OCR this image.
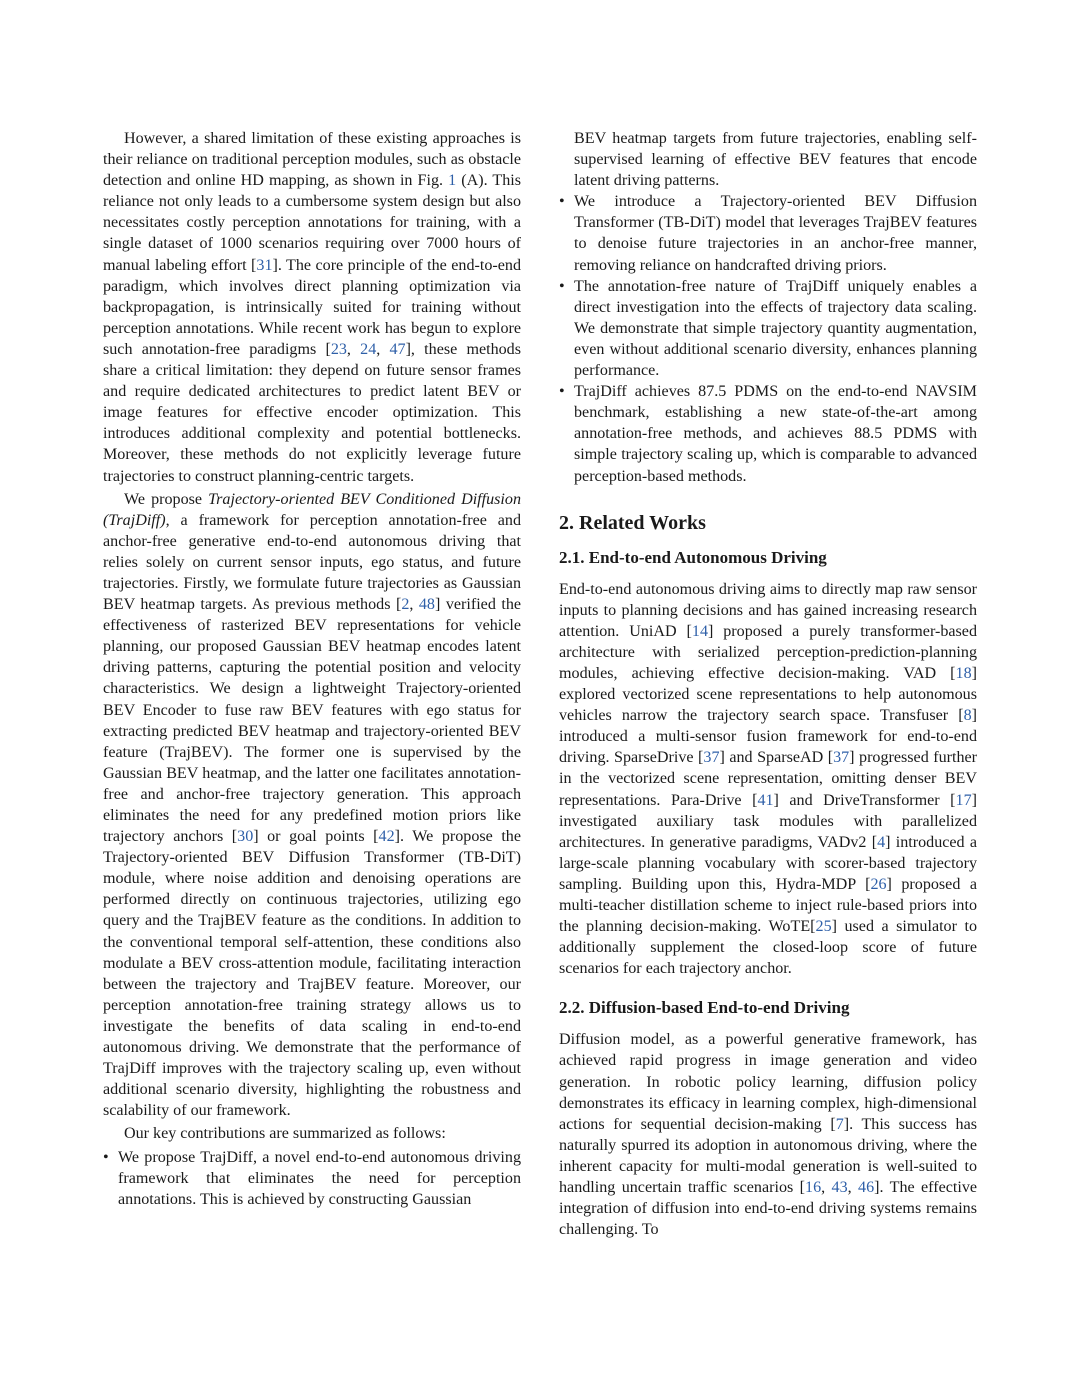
However, a shared limitation of these existing approaches is their reliance on traditional perception modules, such as obstacle detection and online HD mapping, as shown in Fig. 1 (A). This reliance not only leads to a cumbersome system design but also necessitates costly perception annotations for training, with a single dataset of 1000 scenarios requiring over 7000 hours of manual labeling effort [31]. The core principle of the end-to-end paradigm, which involves direct planning optimization via backpropagation, is intrinsically suited for training without perception annotations. While recent work has begun to explore such annotation-free paradigms [23, 24, 47], these methods share a critical limitation: they depend on future sensor frames and require dedicated architectures to predict latent BEV or image features for effective encoder optimization. This introduces additional complexity and potential bottlenecks. Moreover, these methods do not explicitly leverage future trajectories to construct planning-centric targets.

We propose Trajectory-oriented BEV Conditioned Diffusion (TrajDiff), a framework for perception annotation-free and anchor-free generative end-to-end autonomous driving that relies solely on current sensor inputs, ego status, and future trajectories. Firstly, we formulate future trajectories as Gaussian BEV heatmap targets. As previous methods [2, 48] verified the effectiveness of rasterized BEV representations for vehicle planning, our proposed Gaussian BEV heatmap encodes latent driving patterns, capturing the potential position and velocity characteristics. We design a lightweight Trajectory-oriented BEV Encoder to fuse raw BEV features with ego status for extracting predicted BEV heatmap and trajectory-oriented BEV feature (TrajBEV). The former one is supervised by the Gaussian BEV heatmap, and the latter one facilitates annotation-free and anchor-free trajectory generation. This approach eliminates the need for any predefined motion priors like trajectory anchors [30] or goal points [42]. We propose the Trajectory-oriented BEV Diffusion Transformer (TB-DiT) module, where noise addition and denoising operations are performed directly on continuous trajectories, utilizing ego query and the TrajBEV feature as the conditions. In addition to the conventional temporal self-attention, these conditions also modulate a BEV cross-attention module, facilitating interaction between the trajectory and TrajBEV feature. Moreover, our perception annotation-free training strategy allows us to investigate the benefits of data scaling in end-to-end autonomous driving. We demonstrate that the performance of TrajDiff improves with the trajectory scaling up, even without additional scenario diversity, highlighting the robustness and scalability of our framework.

Our key contributions are summarized as follows:

• We propose TrajDiff, a novel end-to-end autonomous driving framework that eliminates the need for perception annotations. This is achieved by constructing Gaussian
BEV heatmap targets from future trajectories, enabling self-supervised learning of effective BEV features that encode latent driving patterns.
• We introduce a Trajectory-oriented BEV Diffusion Transformer (TB-DiT) model that leverages TrajBEV features to denoise future trajectories in an anchor-free manner, removing reliance on handcrafted driving priors.
• The annotation-free nature of TrajDiff uniquely enables a direct investigation into the effects of trajectory data scaling. We demonstrate that simple trajectory quantity augmentation, even without additional scenario diversity, enhances planning performance.
• TrajDiff achieves 87.5 PDMS on the end-to-end NAVSIM benchmark, establishing a new state-of-the-art among annotation-free methods, and achieves 88.5 PDMS with simple trajectory scaling up, which is comparable to advanced perception-based methods.
2. Related Works
2.1. End-to-end Autonomous Driving

End-to-end autonomous driving aims to directly map raw sensor inputs to planning decisions and has gained increasing research attention. UniAD [14] proposed a purely transformer-based architecture with serialized perception-prediction-planning modules, achieving effective decision-making. VAD [18] explored vectorized scene representations to help autonomous vehicles narrow the trajectory search space. Transfuser [8] introduced a multi-sensor fusion framework for end-to-end driving. SparseDrive [37] and SparseAD [37] progressed further in the vectorized scene representation, omitting denser BEV representations. Para-Drive [41] and DriveTransformer [17] investigated auxiliary task modules with parallelized architectures. In generative paradigms, VADv2 [4] introduced a large-scale planning vocabulary with scorer-based trajectory sampling. Building upon this, Hydra-MDP [26] proposed a multi-teacher distillation scheme to inject rule-based priors into the planning decision-making. WoTE[25] used a simulator to additionally supplement the closed-loop score of future scenarios for each trajectory anchor.

2.2. Diffusion-based End-to-end Driving

Diffusion model, as a powerful generative framework, has achieved rapid progress in image generation and video generation. In robotic policy learning, diffusion policy demonstrates its efficacy in learning complex, high-dimensional actions for sequential decision-making [7]. This success has naturally spurred its adoption in autonomous driving, where the inherent capacity for multi-modal generation is well-suited to handling uncertain traffic scenarios [16, 43, 46]. The effective integration of diffusion into end-to-end driving systems remains challenging. To
